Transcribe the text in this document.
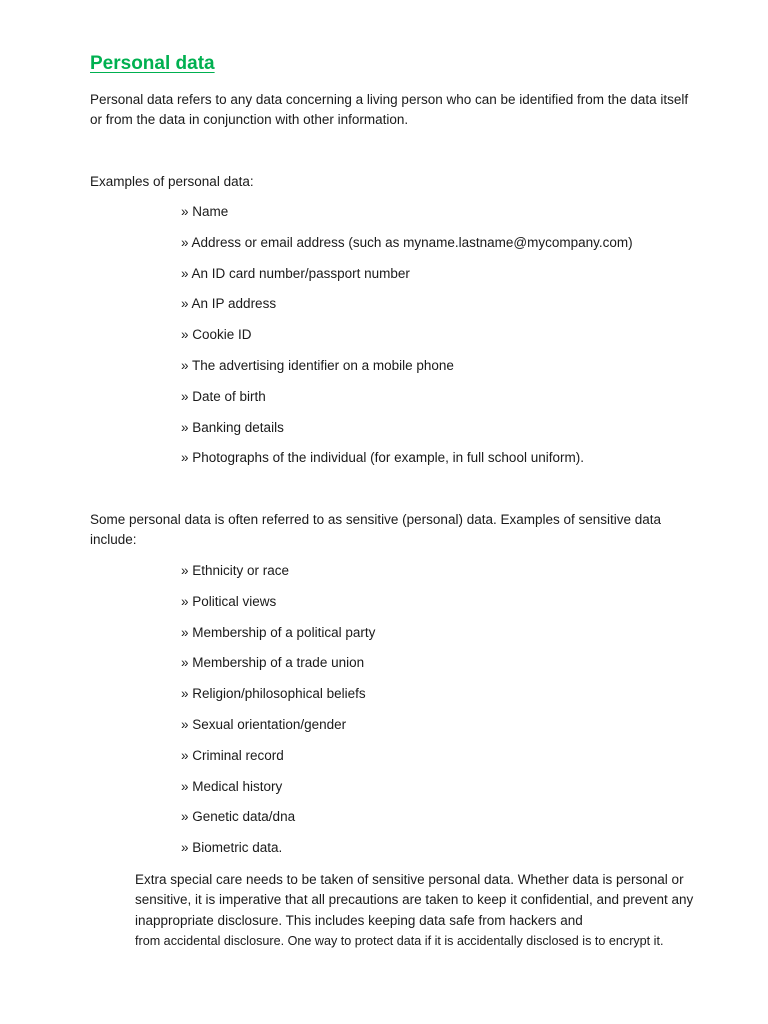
Personal data

Personal data refers to any data concerning a living person who can be identified from the data itself or from the data in conjunction with other information.

Examples of personal data:

» Name
» Address or email address (such as myname.lastname@mycompany.com)
» An ID card number/passport number
» An IP address
» Cookie ID
» The advertising identifier on a mobile phone
» Date of birth
» Banking details
» Photographs of the individual (for example, in full school uniform).

Some personal data is often referred to as sensitive (personal) data. Examples of sensitive data include:

» Ethnicity or race
» Political views
» Membership of a political party
» Membership of a trade union
» Religion/philosophical beliefs
» Sexual orientation/gender
» Criminal record
» Medical history
» Genetic data/dna
» Biometric data.

Extra special care needs to be taken of sensitive personal data. Whether data is personal or sensitive, it is imperative that all precautions are taken to keep it confidential, and prevent any inappropriate disclosure. This includes keeping data safe from hackers and from accidental disclosure. One way to protect data if it is accidentally disclosed is to encrypt it.
